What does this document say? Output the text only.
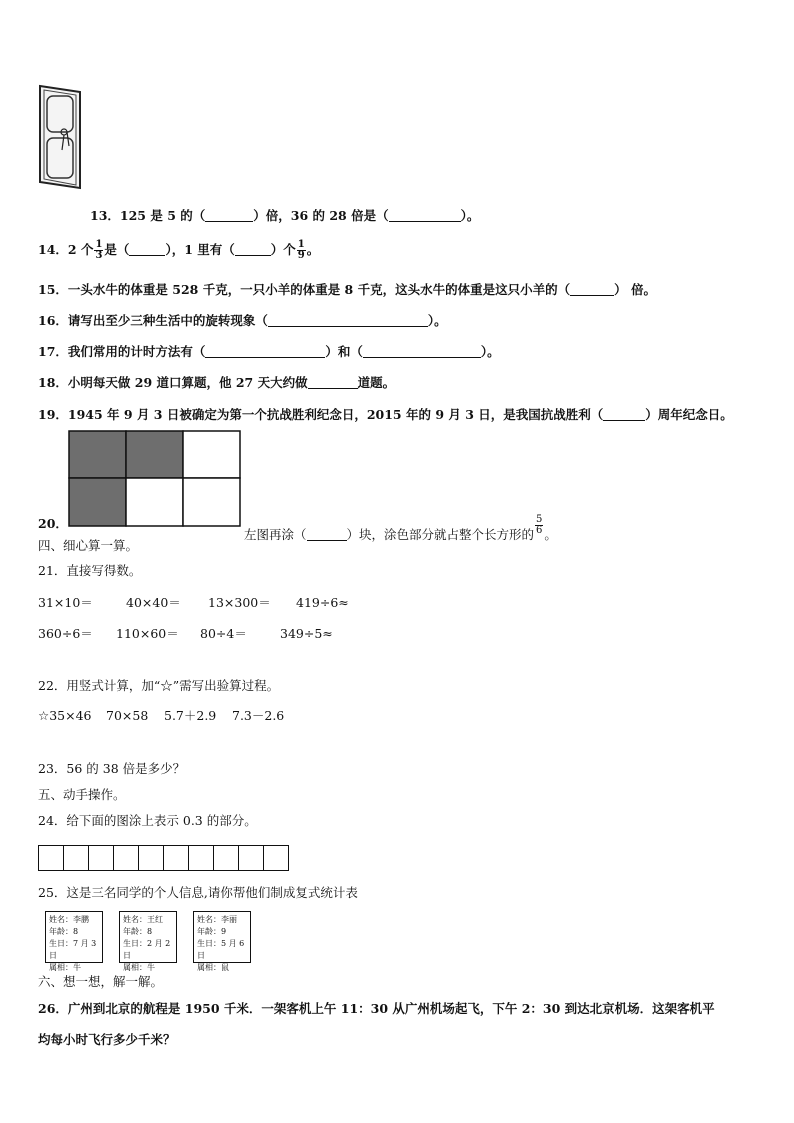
13．125 是 5 的（	）倍，36 的 28 倍是（	）。
14．2 个 $\frac{1}{3}$ 是（	），1 里有（	）个 $\frac{1}{9}$ 。
15．一头水牛的体重是 528 千克，一只小羊的体重是 8 千克，这头水牛的体重是这只小羊的（	） 倍。
16．请写出至少三种生活中的旋转现象（	）。
17．我们常用的计时方法有（	）和（	）。
18．小明每天做 29 道口算题，他 27 天大约做	道题。
19．1945 年 9 月 3 日被确定为第一个抗战胜利纪念日，2015 年的 9 月 3 日，是我国抗战胜利（	）周年纪念日。
20．
左图再涂（	）块，涂色部分就占整个长方形的 $\frac{5}{6}$ 。
四、细心算一算。
21．直接写得数。
31×10＝	40×40＝ 13×300＝ 419÷6≈
360÷6＝ 110×60＝ 80÷4＝	349÷5≈
22．用竖式计算，加“☆”需写出验算过程。
☆35×46 70×58 5.7＋2.9 7.3－2.6
23．56 的 38 倍是多少？
五、动手操作。
24．给下面的图涂上表示 0.3 的部分。
25．这是三名同学的个人信息,请你帮他们制成复式统计表
姓名：李鹏
年龄：8
生日：7 月 3 日
属相：牛
姓名：王红
年龄：8
生日：2 月 2 日
属相：牛
姓名：李丽
年龄：9
生日：5 月 6 日
属相：鼠
六、想一想，解一解。
26．广州到北京的航程是 1950 千米．一架客机上午 11：30 从广州机场起飞，下午 2：30 到达北京机场．这架客机平
均每小时飞行多少千米？
